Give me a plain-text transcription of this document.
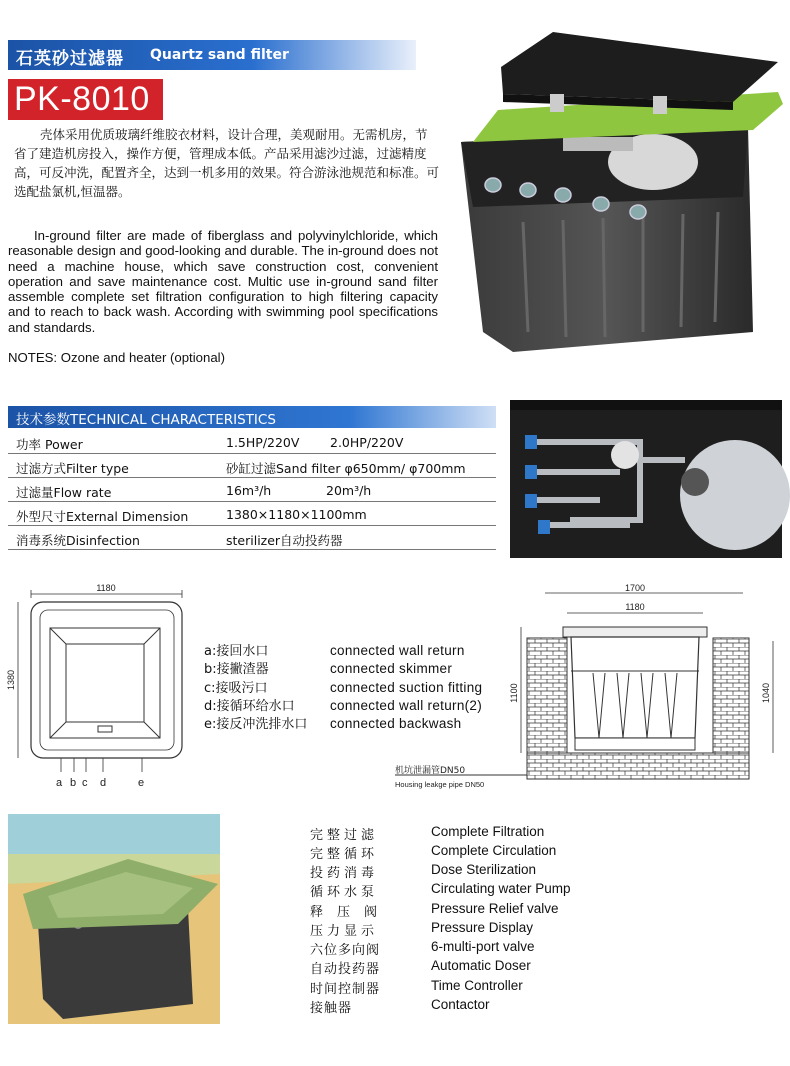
石英砂过滤器 Quartz sand filter
PK-8010
壳体采用优质玻璃纤维胶衣材料，设计合理，美观耐用。无需机房，节省了建造机房投入，操作方便，管理成本低。产品采用滤沙过滤，过滤精度高，可反冲洗，配置齐全，达到一机多用的效果。符合游泳池规范和标准。可选配盐氯机,恒温器。
In-ground filter are made of fiberglass and polyvinylchloride, which reasonable design and good-looking and durable. The in-ground does not need a machine house, which save construction cost, convenient operation and save maintenance cost. Multic use in-ground sand filter assemble complete set filtration configuration to high filtering capacity and to reach to back wash. According with swimming pool specifications and standards.
NOTES: Ozone and heater (optional)
技术参数TECHNICAL CHARACTERISTICS
功率 Power	1.5HP/220V 2.0HP/220V
过滤方式Filter type	砂缸过滤Sand filter φ650mm/ φ700mm
过滤量Flow rate	16m³/h	20m³/h
外型尺寸External Dimension	1380×1180×1100mm
消毒系统Disinfection	sterilizer自动投药器
1180
1380
a b c d	e
a:接回水口	connected wall return
b:接撇渣器	connected skimmer
c:接吸污口	connected suction fitting
d:接循环给水口	connected wall return(2)
e:接反冲洗排水口 connected backwash
1700
1180
1100	1040
机坑泄漏管DN50
Housing leakge pipe DN50
完整过滤	Complete Filtration
完整循环	Complete Circulation
投药消毒	Dose Sterilization
循环水泵	Circulating water Pump
释压阀	Pressure Relief valve
压力显示	Pressure Display
六位多向阀	6-multi-port valve
自动投药器	Automatic Doser
时间控制器	Time Controller
接触器	Contactor
